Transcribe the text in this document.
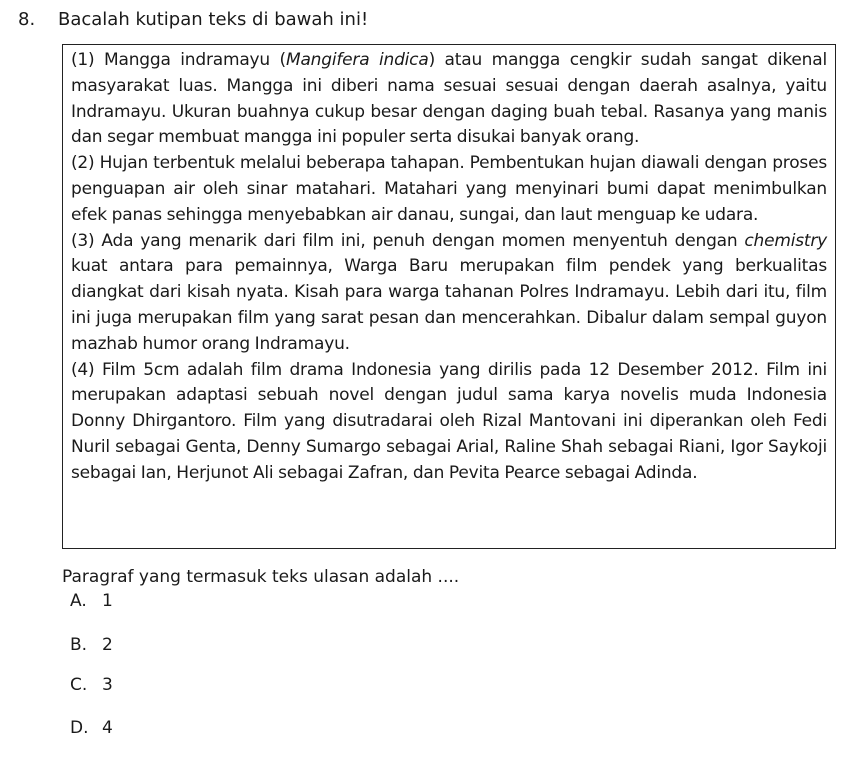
8. Bacalah kutipan teks di bawah ini!

(1) Mangga indramayu (Mangifera indica) atau mangga cengkir sudah sangat dikenal masyarakat luas. Mangga ini diberi nama sesuai sesuai dengan daerah asalnya, yaitu Indramayu. Ukuran buahnya cukup besar dengan daging buah tebal. Rasanya yang manis dan segar membuat mangga ini populer serta disukai banyak orang.

(2) Hujan terbentuk melalui beberapa tahapan. Pembentukan hujan diawali dengan proses penguapan air oleh sinar matahari. Matahari yang menyinari bumi dapat menimbulkan efek panas sehingga menyebabkan air danau, sungai, dan laut menguap ke udara.

(3) Ada yang menarik dari film ini, penuh dengan momen menyentuh dengan chemistry kuat antara para pemainnya, Warga Baru merupakan film pendek yang berkualitas diangkat dari kisah nyata. Kisah para warga tahanan Polres Indramayu. Lebih dari itu, film ini juga merupakan film yang sarat pesan dan mencerahkan. Dibalur dalam sempal guyon mazhab humor orang Indramayu.

(4) Film 5cm adalah film drama Indonesia yang dirilis pada 12 Desember 2012. Film ini merupakan adaptasi sebuah novel dengan judul sama karya novelis muda Indonesia Donny Dhirgantoro. Film yang disutradarai oleh Rizal Mantovani ini diperankan oleh Fedi Nuril sebagai Genta, Denny Sumargo sebagai Arial, Raline Shah sebagai Riani, Igor Saykoji sebagai Ian, Herjunot Ali sebagai Zafran, dan Pevita Pearce sebagai Adinda.

Paragraf yang termasuk teks ulasan adalah ....
A. 1
B. 2
C. 3
D. 4
